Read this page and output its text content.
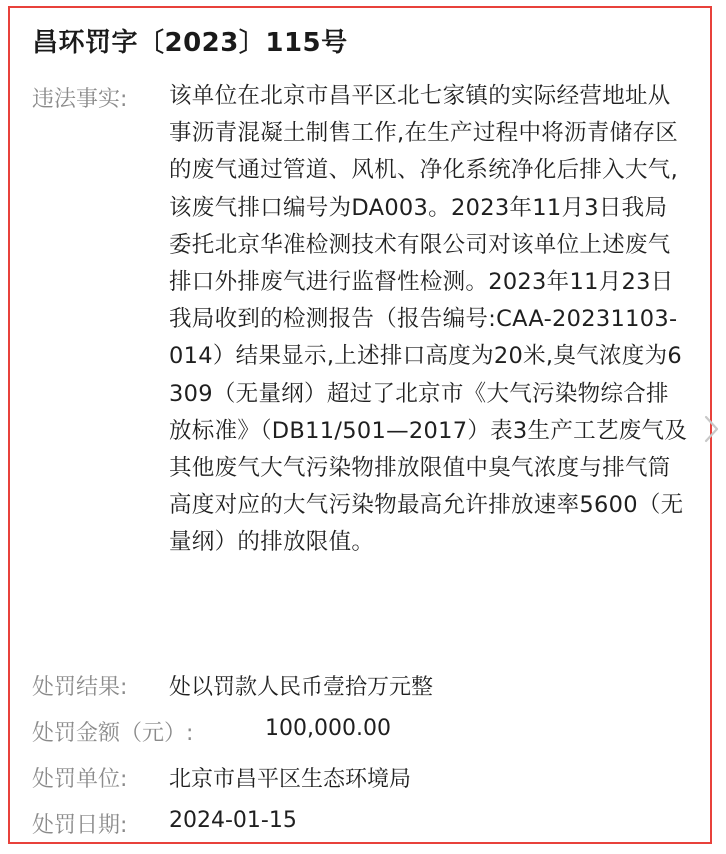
昌环罚字〔2023〕115号
违法事实: 该单位在北京市昌平区北七家镇的实际经营地址从事沥青混凝土制售工作,在生产过程中将沥青储存区的废气通过管道、风机、净化系统净化后排入大气,该废气排口编号为DA003。2023年11月3日我局委托北京华准检测技术有限公司对该单位上述废气排口外排废气进行监督性检测。2023年11月23日我局收到的检测报告（报告编号:CAA-20231103-014）结果显示,上述排口高度为20米,臭气浓度为6309（无量纲）超过了北京市《大气污染物综合排放标准》（DB11/501—2017）表3生产工艺废气及其他废气大气污染物排放限值中臭气浓度与排气筒高度对应的大气污染物最高允许排放速率5600（无量纲）的排放限值。
处罚结果: 处以罚款人民币壹拾万元整
处罚金额（元）:	100,000.00
处罚单位: 北京市昌平区生态环境局
处罚日期: 2024-01-15
